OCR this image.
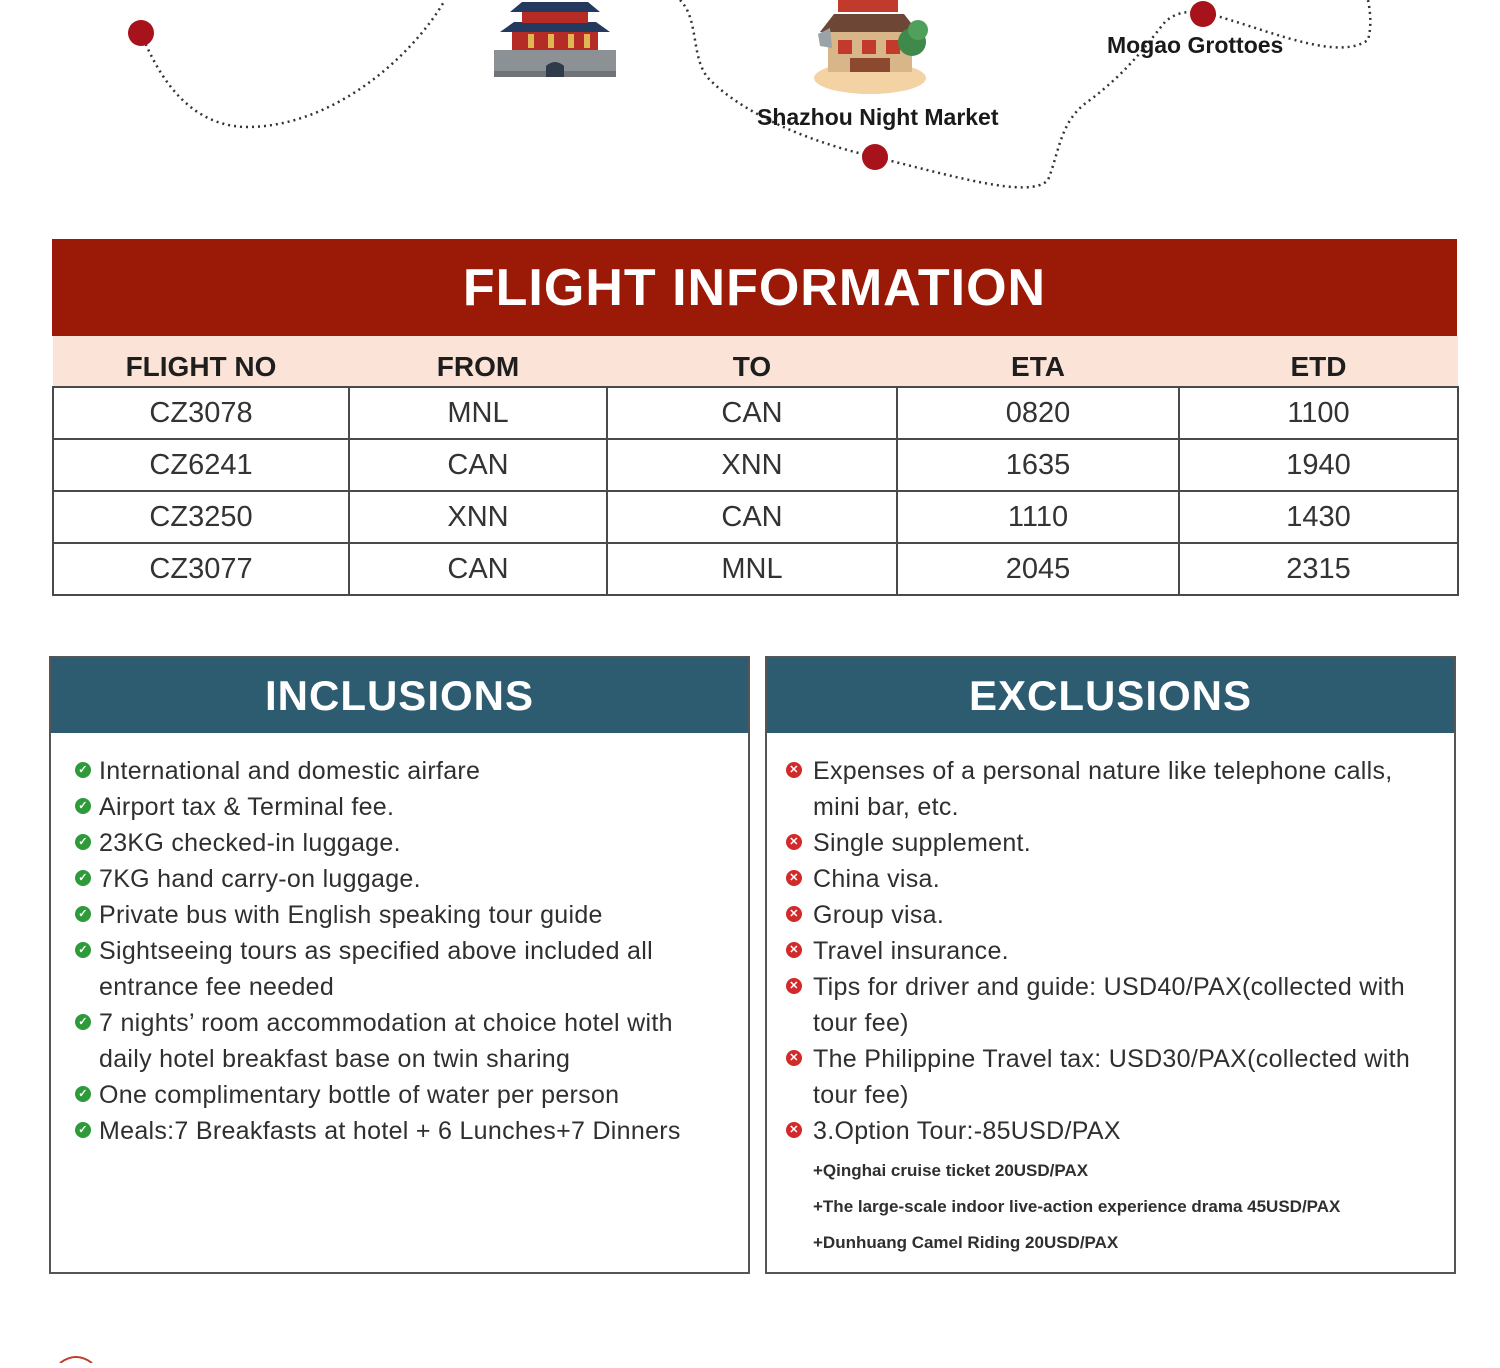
Shazhou Night Market
Mogao Grottoes
FLIGHT INFORMATION
FLIGHT NO	FROM	TO	ETA	ETD
CZ3078	MNL	CAN	0820	1100
CZ6241	CAN	XNN	1635	1940
CZ3250	XNN	CAN	1110	1430
CZ3077	CAN	MNL	2045	2315
INCLUSIONS
✓ International and domestic airfare
✓ Airport tax & Terminal fee.
✓ 23KG checked-in luggage.
✓ 7KG hand carry-on luggage.
✓ Private bus with English speaking tour guide
✓ Sightseeing tours as specified above included all entrance fee needed
✓ 7 nights’ room accommodation at choice hotel with daily hotel breakfast base on twin sharing
✓ One complimentary bottle of water per person
✓ Meals:7 Breakfasts at hotel + 6 Lunches+7 Dinners
EXCLUSIONS
✕ Expenses of a personal nature like telephone calls, mini bar, etc.
✕ Single supplement.
✕ China visa.
✕ Group visa.
✕ Travel insurance.
✕ Tips for driver and guide: USD40/PAX(collected with tour fee)
✕ The Philippine Travel tax: USD30/PAX(collected with tour fee)
✕ 3.Option Tour:-85USD/PAX
+Qinghai cruise ticket 20USD/PAX
+The large-scale indoor live-action experience drama 45USD/PAX
+Dunhuang Camel Riding 20USD/PAX
